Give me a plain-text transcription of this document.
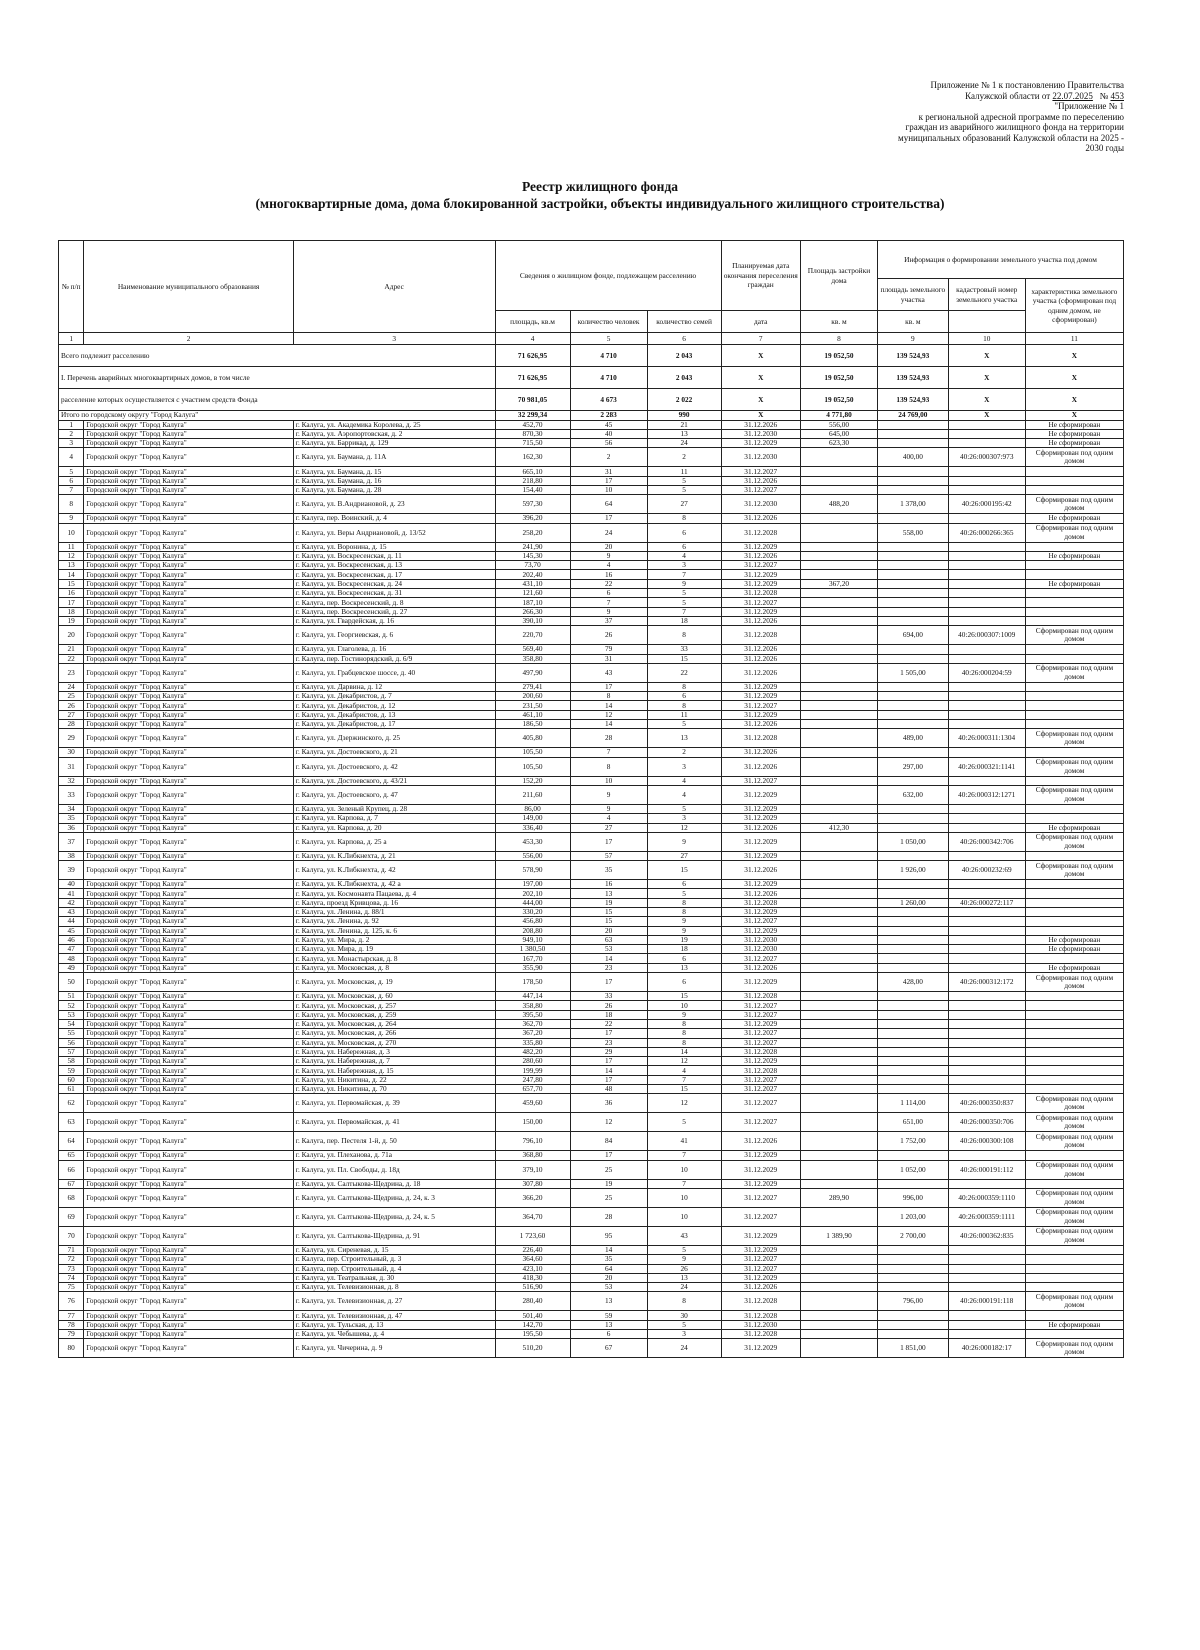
Приложение № 1 к постановлению Правительства
Калужской области от 22.07.2025 № 453
"Приложение № 1
к региональной адресной программе по переселению
граждан из аварийного жилищного фонда на территории
муниципальных образований Калужской области на 2025 -
2030 годы
Реестр жилищного фонда
(многоквартирные дома, дома блокированной застройки, объекты индивидуального жилищного строительства)
№ п/п	Наименование муниципального образования	Адрес	Сведения о жилищном фонде, подлежащем расселению			Планируемая дата окончания переселения граждан	Площадь застройки дома	Информация о формировании земельного участка под домом		
								площадь земельного участка	кадастровый номер земельного участка	характеристика земельного участка (сформирован под одним домом, не сформирован)
			площадь, кв.м	количество человек	количество семей	дата	кв. м	кв. м		
1	2	3	4	5	6	7	8	9	10	11
Всего подлежит расселению			71 626,95	4 710	2 043	X	19 052,50	139 524,93	X	X
I. Перечень аварийных многоквартирных домов, в том числе			71 626,95	4 710	2 043	X	19 052,50	139 524,93	X	X
расселение которых осуществляется с участием средств Фонда			70 981,05	4 673	2 022	X	19 052,50	139 524,93	X	X
Итого по городскому округу "Город Калуга"			32 299,34	2 283	990	X	4 771,80	24 769,00	X	X
1	Городской округ "Город Калуга"	г. Калуга, ул. Академика Королева, д. 25	452,70	45	21	31.12.2026	556,00			Не сформирован
2	Городской округ "Город Калуга"	г. Калуга, ул. Аэропортовская, д. 2	870,30	40	13	31.12.2030	645,00			Не сформирован
3	Городской округ "Город Калуга"	г. Калуга, ул. Баррикад, д. 129	715,50	56	24	31.12.2029	623,30			Не сформирован
4	Городской округ "Город Калуга"	г. Калуга, ул. Баумана, д. 11А	162,30	2	2	31.12.2030		400,00	40:26:000307:973	Сформирован под одним домом
5	Городской округ "Город Калуга"	г. Калуга, ул. Баумана, д. 15	665,10	31	11	31.12.2027				
6	Городской округ "Город Калуга"	г. Калуга, ул. Баумана, д. 16	218,80	17	5	31.12.2026				
7	Городской округ "Город Калуга"	г. Калуга, ул. Баумана, д. 28	154,40	10	5	31.12.2027				
8	Городской округ "Город Калуга"	г. Калуга, ул. В.Андриановой, д. 23	597,30	64	27	31.12.2030	488,20	1 378,00	40:26:000195:42	Сформирован под одним домом
9	Городской округ "Город Калуга"	г. Калуга, пер. Воинский, д. 4	396,20	17	8	31.12.2026				Не сформирован
10	Городской округ "Город Калуга"	г. Калуга, ул. Веры Андриановой, д. 13/52	258,20	24	6	31.12.2028		558,00	40:26:000266:365	Сформирован под одним домом
11	Городской округ "Город Калуга"	г. Калуга, ул. Воронина, д. 15	241,90	20	6	31.12.2029				
12	Городской округ "Город Калуга"	г. Калуга, ул. Воскресенская, д. 11	145,30	9	4	31.12.2026				Не сформирован
13	Городской округ "Город Калуга"	г. Калуга, ул. Воскресенская, д. 13	73,70	4	3	31.12.2027				
14	Городской округ "Город Калуга"	г. Калуга, ул. Воскресенская, д. 17	202,40	16	7	31.12.2029				
15	Городской округ "Город Калуга"	г. Калуга, ул. Воскресенская, д. 24	431,10	22	9	31.12.2029	367,20			Не сформирован
16	Городской округ "Город Калуга"	г. Калуга, ул. Воскресенская, д. 31	121,60	6	5	31.12.2028				
17	Городской округ "Город Калуга"	г. Калуга, пер. Воскресенский, д. 8	187,10	7	5	31.12.2027				
18	Городской округ "Город Калуга"	г. Калуга, пер. Воскресенский, д. 27	266,30	9	7	31.12.2029				
19	Городской округ "Город Калуга"	г. Калуга, ул. Гвардейская, д. 16	390,10	37	18	31.12.2026				
20	Городской округ "Город Калуга"	г. Калуга, ул. Георгиевская, д. 6	220,70	26	8	31.12.2028		694,00	40:26:000307:1009	Сформирован под одним домом
21	Городской округ "Город Калуга"	г. Калуга, ул. Глаголева, д. 16	569,40	79	33	31.12.2026				
22	Городской округ "Город Калуга"	г. Калуга, пер. Гостинорядский, д. 6/9	358,80	31	15	31.12.2026				
23	Городской округ "Город Калуга"	г. Калуга, ул. Грабцевское шоссе, д. 40	497,90	43	22	31.12.2026		1 505,00	40:26:000204:59	Сформирован под одним домом
24	Городской округ "Город Калуга"	г. Калуга, ул. Дарвина, д. 12	279,41	17	8	31.12.2029				
25	Городской округ "Город Калуга"	г. Калуга, ул. Декабристов, д. 7	200,60	8	6	31.12.2029				
26	Городской округ "Город Калуга"	г. Калуга, ул. Декабристов, д. 12	231,50	14	8	31.12.2027				
27	Городской округ "Город Калуга"	г. Калуга, ул. Декабристов, д. 13	461,10	12	11	31.12.2029				
28	Городской округ "Город Калуга"	г. Калуга, ул. Декабристов, д. 17	186,50	14	5	31.12.2026				
29	Городской округ "Город Калуга"	г. Калуга, ул. Дзержинского, д. 25	405,80	28	13	31.12.2028		489,00	40:26:000311:1304	Сформирован под одним домом
30	Городской округ "Город Калуга"	г. Калуга, ул. Достоевского, д. 21	105,50	7	2	31.12.2026				
31	Городской округ "Город Калуга"	г. Калуга, ул. Достоевского, д. 42	105,50	8	3	31.12.2026		297,00	40:26:000321:1141	Сформирован под одним домом
32	Городской округ "Город Калуга"	г. Калуга, ул. Достоевского, д. 43/21	152,20	10	4	31.12.2027				
33	Городской округ "Город Калуга"	г. Калуга, ул. Достоевского, д. 47	211,60	9	4	31.12.2029		632,00	40:26:000312:1271	Сформирован под одним домом
34	Городской округ "Город Калуга"	г. Калуга, ул. Зеленый Крупец, д. 28	86,00	9	5	31.12.2029				
35	Городской округ "Город Калуга"	г. Калуга, ул. Карпова, д. 7	149,00	4	3	31.12.2029				
36	Городской округ "Город Калуга"	г. Калуга, ул. Карпова, д. 20	336,40	27	12	31.12.2026	412,30			Не сформирован
37	Городской округ "Город Калуга"	г. Калуга, ул. Карпова, д. 25 а	453,30	17	9	31.12.2029		1 050,00	40:26:000342:706	Сформирован под одним домом
38	Городской округ "Город Калуга"	г. Калуга, ул. К.Либкнехта, д. 21	556,00	57	27	31.12.2029				
39	Городской округ "Город Калуга"	г. Калуга, ул. К.Либкнехта, д. 42	578,90	35	15	31.12.2026		1 926,00	40:26:000232:69	Сформирован под одним домом
40	Городской округ "Город Калуга"	г. Калуга, ул. К.Либкнехта, д. 42 а	197,00	16	6	31.12.2029				
41	Городской округ "Город Калуга"	г. Калуга, ул. Космонавта Пацаева, д. 4	202,10	13	5	31.12.2026				
42	Городской округ "Город Калуга"	г. Калуга, проезд Кривцова, д. 16	444,00	19	8	31.12.2028		1 260,00	40:26:000272:117	
43	Городской округ "Город Калуга"	г. Калуга, ул. Ленина, д. 88/1	330,20	15	8	31.12.2029				
44	Городской округ "Город Калуга"	г. Калуга, ул. Ленина, д. 92	456,80	15	9	31.12.2027				
45	Городской округ "Город Калуга"	г. Калуга, ул. Ленина, д. 125, к. 6	208,80	20	9	31.12.2029				
46	Городской округ "Город Калуга"	г. Калуга, ул. Мира, д. 2	949,10	63	19	31.12.2030				Не сформирован
47	Городской округ "Город Калуга"	г. Калуга, ул. Мира, д. 19	1 380,50	53	18	31.12.2030				Не сформирован
48	Городской округ "Город Калуга"	г. Калуга, ул. Монастырская, д. 8	167,70	14	6	31.12.2027				
49	Городской округ "Город Калуга"	г. Калуга, ул. Московская, д. 8	355,90	23	13	31.12.2026				Не сформирован
50	Городской округ "Город Калуга"	г. Калуга, ул. Московская, д. 19	178,50	17	6	31.12.2029		428,00	40:26:000312:172	Сформирован под одним домом
51	Городской округ "Город Калуга"	г. Калуга, ул. Московская, д. 60	447,14	33	15	31.12.2028				
52	Городской округ "Город Калуга"	г. Калуга, ул. Московская, д. 257	358,80	26	10	31.12.2027				
53	Городской округ "Город Калуга"	г. Калуга, ул. Московская, д. 259	395,50	18	9	31.12.2027				
54	Городской округ "Город Калуга"	г. Калуга, ул. Московская, д. 264	362,70	22	8	31.12.2029				
55	Городской округ "Город Калуга"	г. Калуга, ул. Московская, д. 266	367,20	17	8	31.12.2027				
56	Городской округ "Город Калуга"	г. Калуга, ул. Московская, д. 270	335,80	23	8	31.12.2027				
57	Городской округ "Город Калуга"	г. Калуга, ул. Набережная, д. 3	482,20	29	14	31.12.2028				
58	Городской округ "Город Калуга"	г. Калуга, ул. Набережная, д. 7	280,60	17	12	31.12.2029				
59	Городской округ "Город Калуга"	г. Калуга, ул. Набережная, д. 15	199,99	14	4	31.12.2028				
60	Городской округ "Город Калуга"	г. Калуга, ул. Никитина, д. 22	247,80	17	7	31.12.2027				
61	Городской округ "Город Калуга"	г. Калуга, ул. Никитина, д. 70	657,70	48	15	31.12.2027				
62	Городской округ "Город Калуга"	г. Калуга, ул. Первомайская, д. 39	459,60	36	12	31.12.2027		1 114,00	40:26:000350:837	Сформирован под одним домом
63	Городской округ "Город Калуга"	г. Калуга, ул. Первомайская, д. 41	150,00	12	5	31.12.2027		651,00	40:26:000350:706	Сформирован под одним домом
64	Городской округ "Город Калуга"	г. Калуга, пер. Пестеля 1-й, д. 50	796,10	84	41	31.12.2026		1 752,00	40:26:000300:108	Сформирован под одним домом
65	Городской округ "Город Калуга"	г. Калуга, ул. Плеханова, д. 71а	368,80	17	7	31.12.2029				
66	Городской округ "Город Калуга"	г. Калуга, ул. Пл. Свободы, д. 18д	379,10	25	10	31.12.2029		1 052,00	40:26:000191:112	Сформирован под одним домом
67	Городской округ "Город Калуга"	г. Калуга, ул. Салтыкова-Щедрина, д. 18	307,80	19	7	31.12.2029				
68	Городской округ "Город Калуга"	г. Калуга, ул. Салтыкова-Щедрина, д. 24, к. 3	366,20	25	10	31.12.2027	289,90	996,00	40:26:000359:1110	Сформирован под одним домом
69	Городской округ "Город Калуга"	г. Калуга, ул. Салтыкова-Щедрина, д. 24, к. 5	364,70	28	10	31.12.2027		1 203,00	40:26:000359:1111	Сформирован под одним домом
70	Городской округ "Город Калуга"	г. Калуга, ул. Салтыкова-Щедрина, д. 91	1 723,60	95	43	31.12.2029	1 389,90	2 700,00	40:26:000362:835	Сформирован под одним домом
71	Городской округ "Город Калуга"	г. Калуга, ул. Сиреневая, д. 15	226,40	14	5	31.12.2029				
72	Городской округ "Город Калуга"	г. Калуга, пер. Строительный, д. 3	364,60	35	9	31.12.2027				
73	Городской округ "Город Калуга"	г. Калуга, пер. Строительный, д. 4	423,10	64	26	31.12.2027				
74	Городской округ "Город Калуга"	г. Калуга, ул. Театральная, д. 30	418,30	20	13	31.12.2029				
75	Городской округ "Город Калуга"	г. Калуга, ул. Телевизионная, д. 8	516,90	53	24	31.12.2026				
76	Городской округ "Город Калуга"	г. Калуга, ул. Телевизионная, д. 27	280,40	13	8	31.12.2028		796,00	40:26:000191:118	Сформирован под одним домом
77	Городской округ "Город Калуга"	г. Калуга, ул. Телевизионная, д. 47	501,40	59	30	31.12.2028				
78	Городской округ "Город Калуга"	г. Калуга, ул. Тульская, д. 13	142,70	13	5	31.12.2030				Не сформирован
79	Городской округ "Город Калуга"	г. Калуга, ул. Чебышева, д. 4	195,50	6	3	31.12.2028				
80	Городской округ "Город Калуга"	г. Калуга, ул. Чичерина, д. 9	510,20	67	24	31.12.2029		1 851,00	40:26:000182:17	Сформирован под одним домом
